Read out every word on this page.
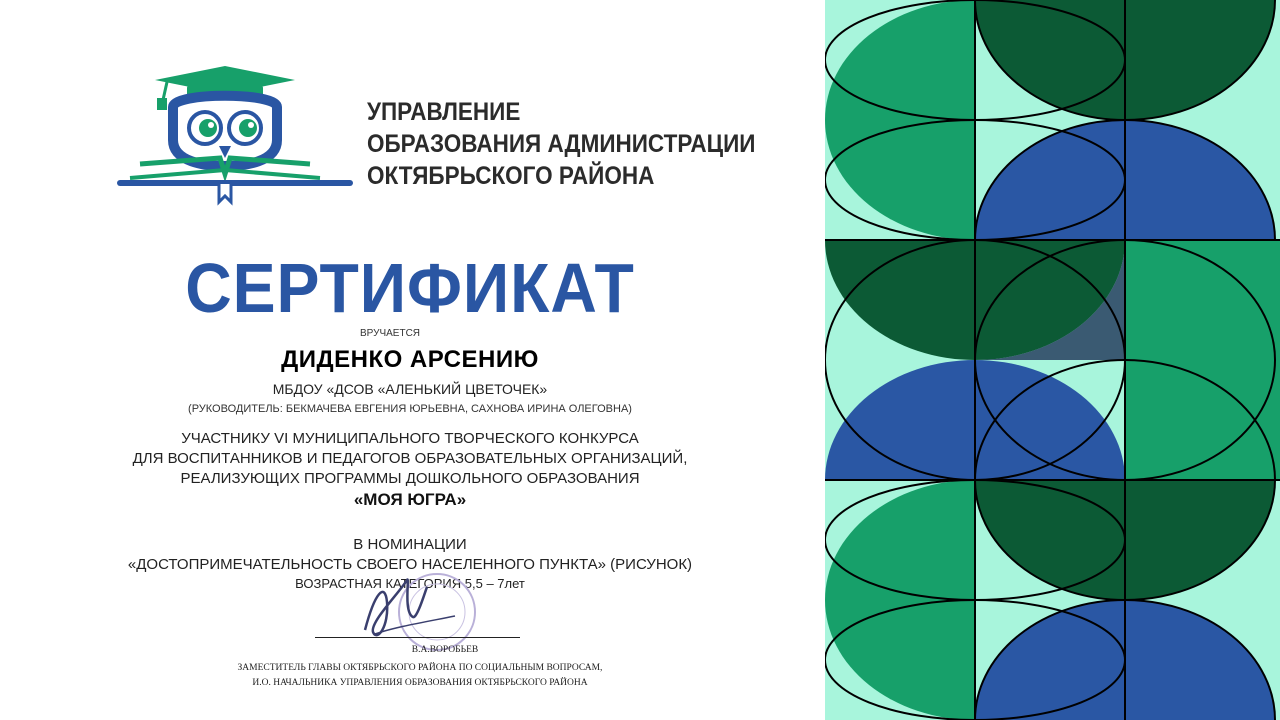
УПРАВЛЕНИЕ
ОБРАЗОВАНИЯ АДМИНИСТРАЦИИ
ОКТЯБРЬСКОГО РАЙОНА
СЕРТИФИКАТ
ВРУЧАЕТСЯ
ДИДЕНКО АРСЕНИЮ
МБДОУ «ДСОВ «АЛЕНЬКИЙ ЦВЕТОЧЕК»
(РУКОВОДИТЕЛЬ: БЕКМАЧЕВА ЕВГЕНИЯ ЮРЬЕВНА, САХНОВА ИРИНА ОЛЕГОВНА)
УЧАСТНИКУ VI МУНИЦИПАЛЬНОГО ТВОРЧЕСКОГО КОНКУРСА
ДЛЯ ВОСПИТАННИКОВ И ПЕДАГОГОВ ОБРАЗОВАТЕЛЬНЫХ ОРГАНИЗАЦИЙ,
РЕАЛИЗУЮЩИХ ПРОГРАММЫ ДОШКОЛЬНОГО ОБРАЗОВАНИЯ
«МОЯ ЮГРА»
В НОМИНАЦИИ
«ДОСТОПРИМЕЧАТЕЛЬНОСТЬ СВОЕГО НАСЕЛЕННОГО ПУНКТА» (РИСУНОК)
ВОЗРАСТНАЯ КАТЕГОРИЯ 5,5 – 7лет
В.А.ВОРОБЬЕВ
ЗАМЕСТИТЕЛЬ ГЛАВЫ ОКТЯБРЬСКОГО РАЙОНА ПО СОЦИАЛЬНЫМ ВОПРОСАМ,
И.О. НАЧАЛЬНИКА УПРАВЛЕНИЯ ОБРАЗОВАНИЯ ОКТЯБРЬСКОГО РАЙОНА
